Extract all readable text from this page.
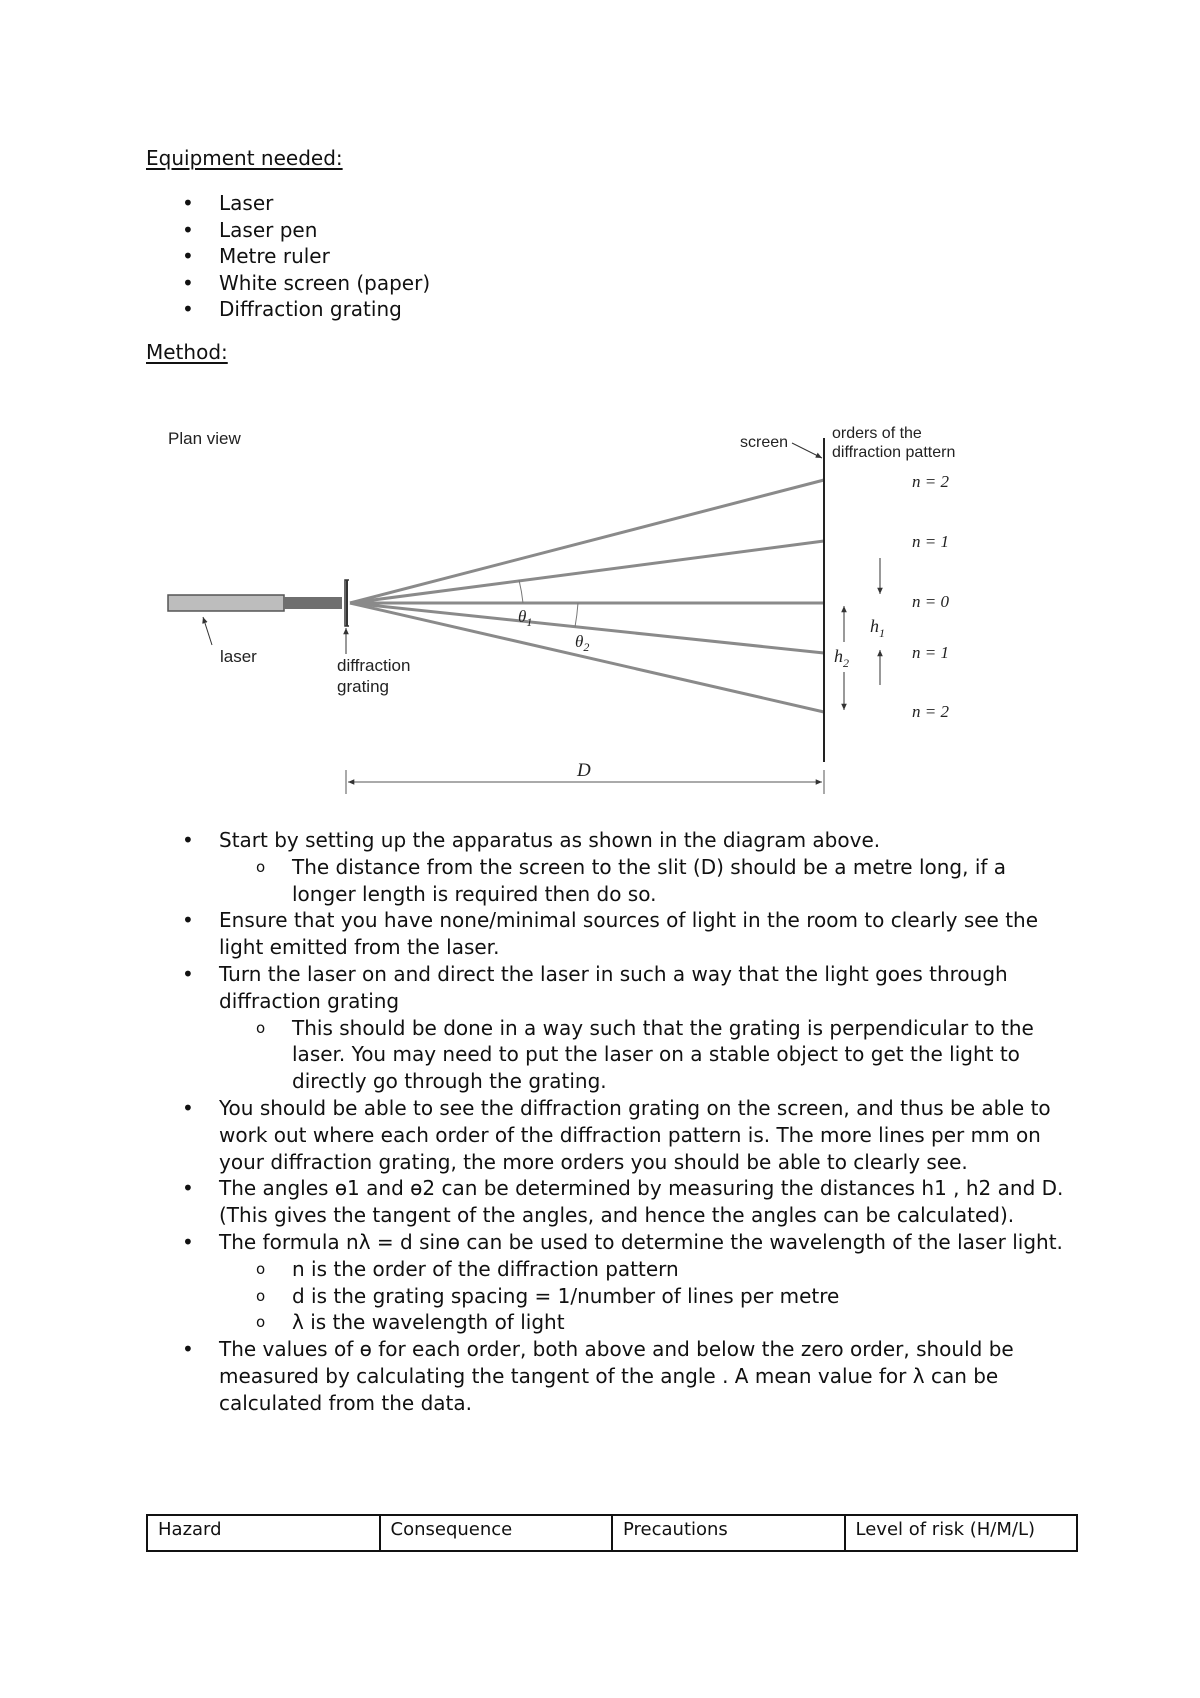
Equipment needed:
• Laser
• Laser pen
• Metre ruler
• White screen (paper)
• Diffraction grating
Method:
Plan view	screen
orders of the
diffraction pattern
n = 2
n = 1
n = 0
n = 1
n = 2
$h_1$
$h_2$
$\theta_1$
$\theta_2$
laser	diffraction
grating
D
• Start by setting up the apparatus as shown in the diagram above.
o The distance from the screen to the slit (D) should be a metre long, if a longer length is required then do so.
• Ensure that you have none/minimal sources of light in the room to clearly see the light emitted from the laser.
• Turn the laser on and direct the laser in such a way that the light goes through diffraction grating
o This should be done in a way such that the grating is perpendicular to the laser. You may need to put the laser on a stable object to get the light to directly go through the grating.
• You should be able to see the diffraction grating on the screen, and thus be able to work out where each order of the diffraction pattern is. The more lines per mm on your diffraction grating, the more orders you should be able to clearly see.
• The angles ɵ1 and ɵ2 can be determined by measuring the distances h1 , h2 and D. (This gives the tangent of the angles, and hence the angles can be calculated).
• The formula nλ = d sinɵ can be used to determine the wavelength of the laser light.
o n is the order of the diffraction pattern
o d is the grating spacing = 1/number of lines per metre
o λ is the wavelength of light
• The values of ɵ for each order, both above and below the zero order, should be measured by calculating the tangent of the angle . A mean value for λ can be calculated from the data.
Hazard	Consequence	Precautions	Level of risk (H/M/L)
